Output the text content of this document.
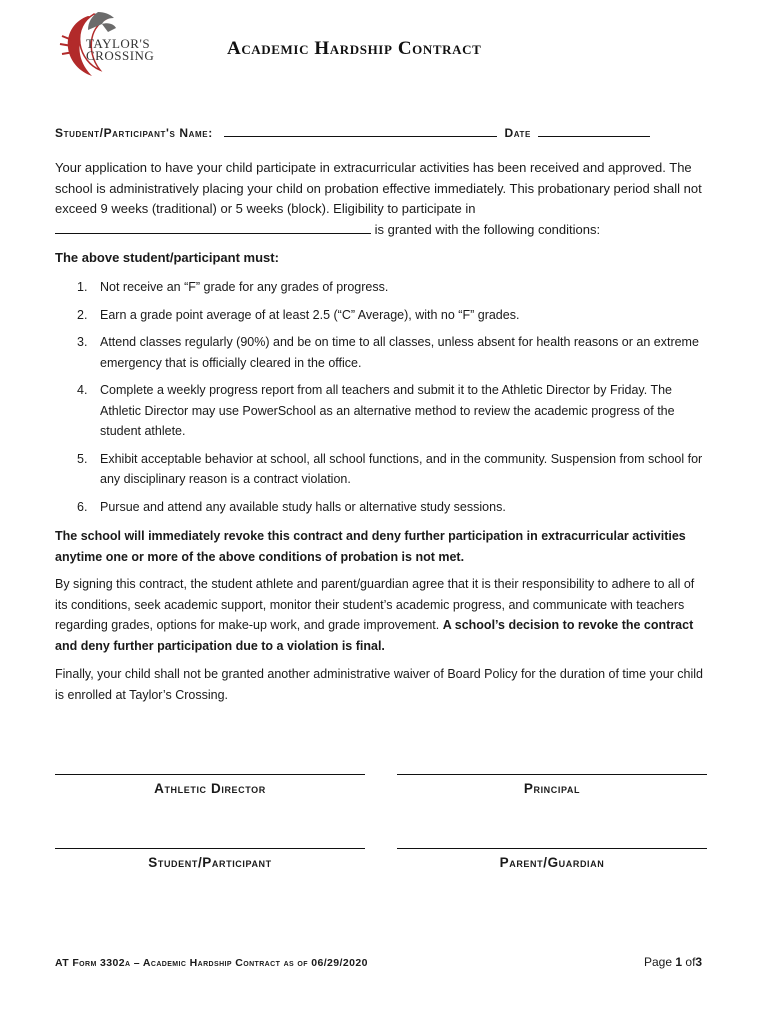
TAYLOR'S
CROSSING	Academic Hardship Contract
Student/Participant's Name:	Date
Your application to have your child participate in extracurricular activities has been received and approved. The school is administratively placing your child on probation effective immediately. This probationary period shall not exceed 9 weeks (traditional) or 5 weeks (block). Eligibility to participate in  is granted with the following conditions:
The above student/participant must:
1. Not receive an “F” grade for any grades of progress.
2. Earn a grade point average of at least 2.5 (“C” Average), with no “F” grades.
3. Attend classes regularly (90%) and be on time to all classes, unless absent for health reasons or an extreme emergency that is officially cleared in the office.
4. Complete a weekly progress report from all teachers and submit it to the Athletic Director by Friday. The Athletic Director may use PowerSchool as an alternative method to review the academic progress of the student athlete.
5. Exhibit acceptable behavior at school, all school functions, and in the community. Suspension from school for any disciplinary reason is a contract violation.
6. Pursue and attend any available study halls or alternative study sessions.
The school will immediately revoke this contract and deny further participation in extracurricular activities anytime one or more of the above conditions of probation is not met.
By signing this contract, the student athlete and parent/guardian agree that it is their responsibility to adhere to all of its conditions, seek academic support, monitor their student’s academic progress, and communicate with teachers regarding grades, options for make-up work, and grade improvement. A school’s decision to revoke the contract and deny further participation due to a violation is final.
Finally, your child shall not be granted another administrative waiver of Board Policy for the duration of time your child is enrolled at Taylor’s Crossing.
Athletic Director	Principal
Student/Participant	Parent/Guardian
AT Form 3302a – Academic Hardship Contract as of 06/29/2020	Page 1 of3
